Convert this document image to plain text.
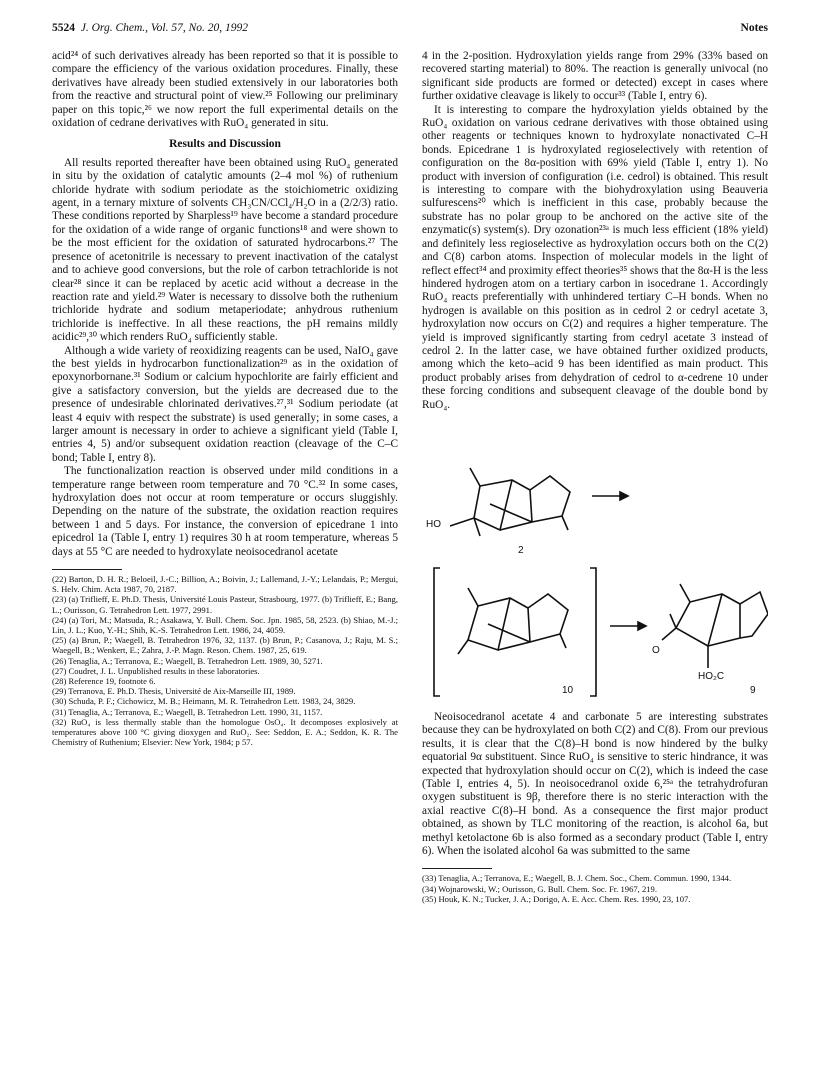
5524 J. Org. Chem., Vol. 57, No. 20, 1992	Notes

acid²⁴ of such derivatives already has been reported so that it is possible to compare the efficiency of the various oxidation procedures. Finally, these derivatives have already been studied extensively in our laboratories both from the reactive and structural point of view.²⁵ Following our preliminary paper on this topic,²⁶ we now report the full experimental details on the oxidation of cedrane derivatives with RuO₄ generated in situ.

Results and Discussion

All results reported thereafter have been obtained using RuO₄ generated in situ by the oxidation of catalytic amounts (2–4 mol %) of ruthenium chloride hydrate with sodium periodate as the stoichiometric oxidizing agent, in a ternary mixture of solvents CH₃CN/CCl₄/H₂O in a (2/2/3) ratio. These conditions reported by Sharpless¹⁹ have become a standard procedure for the oxidation of a wide range of organic functions¹⁸ and were shown to be the most efficient for the oxidation of saturated hydrocarbons.²⁷ The presence of acetonitrile is necessary to prevent inactivation of the catalyst and to achieve good conversions, but the role of carbon tetrachloride is not clear²⁸ since it can be replaced by acetic acid without a decrease in the reaction rate and yield.²⁹ Water is necessary to dissolve both the ruthenium trichloride hydrate and sodium metaperiodate; anhydrous ruthenium trichloride is ineffective. In all these reactions, the pH remains mildly acidic²⁹,³⁰ which renders RuO₄ sufficiently stable.

Although a wide variety of reoxidizing reagents can be used, NaIO₄ gave the best yields in hydrocarbon functionalization²⁹ as in the oxidation of epoxynorbornane.³¹ Sodium or calcium hypochlorite are fairly efficient and give a satisfactory conversion, but the yields are decreased due to the presence of undesirable chlorinated derivatives.²⁷,³¹ Sodium periodate (at least 4 equiv with respect the substrate) is used generally; in some cases, a larger amount is necessary in order to achieve a significant yield (Table I, entries 4, 5) and/or subsequent oxidation reaction (cleavage of the C–C bond; Table I, entry 8).

The functionalization reaction is observed under mild conditions in a temperature range between room temperature and 70 °C.³² In some cases, hydroxylation does not occur at room temperature or occurs sluggishly. Depending on the nature of the substrate, the oxidation reaction requires between 1 and 5 days. For instance, the conversion of epicedrane 1 into epicedrol 1a (Table I, entry 1) requires 30 h at room temperature, whereas 5 days at 55 °C are needed to hydroxylate neoisocedranol acetate

(22) Barton, D. H. R.; Beloeil, J.-C.; Billion, A.; Boivin, J.; Lallemand, J.-Y.; Lelandais, P.; Mergui, S. Helv. Chim. Acta 1987, 70, 2187.
(23) (a) Triflieff, E. Ph.D. Thesis, Université Louis Pasteur, Strasbourg, 1977. (b) Triflieff, E.; Bang, L.; Ourisson, G. Tetrahedron Lett. 1977, 2991.
(24) (a) Tori, M.; Matsuda, R.; Asakawa, Y. Bull. Chem. Soc. Jpn. 1985, 58, 2523. (b) Shiao, M.-J.; Lin, J. L.; Kuo, Y.-H.; Shih, K.-S. Tetrahedron Lett. 1986, 24, 4059.
(25) (a) Brun, P.; Waegell, B. Tetrahedron 1976, 32, 1137. (b) Brun, P.; Casanova, J.; Raju, M. S.; Waegell, B.; Wenkert, E.; Zahra, J.-P. Magn. Reson. Chem. 1987, 25, 619.
(26) Tenaglia, A.; Terranova, E.; Waegell, B. Tetrahedron Lett. 1989, 30, 5271.
(27) Coudret, J. L. Unpublished results in these laboratories.
(28) Reference 19, footnote 6.
(29) Terranova, E. Ph.D. Thesis, Université de Aix-Marseille III, 1989.
(30) Schuda, P. F.; Cichowicz, M. B.; Heimann, M. R. Tetrahedron Lett. 1983, 24, 3829.
(31) Tenaglia, A.; Terranova, E.; Waegell, B. Tetrahedron Lett. 1990, 31, 1157.
(32) RuO₄ is less thermally stable than the homologue OsO₄. It decomposes explosively at temperatures above 100 °C giving dioxygen and RuO₂. See: Seddon, E. A.; Seddon, K. R. The Chemistry of Ruthenium; Elsevier: New York, 1984; p 57.

4 in the 2-position. Hydroxylation yields range from 29% (33% based on recovered starting material) to 80%. The reaction is generally univocal (no significant side products are formed or detected) except in cases where further oxidative cleavage is likely to occur³³ (Table I, entry 6).

It is interesting to compare the hydroxylation yields obtained by the RuO₄ oxidation on various cedrane derivatives with those obtained using other reagents or techniques known to hydroxylate nonactivated C–H bonds. Epicedrane 1 is hydroxylated regioselectively with retention of configuration on the 8α-position with 69% yield (Table I, entry 1). No product with inversion of configuration (i.e. cedrol) is obtained. This result is interesting to compare with the biohydroxylation using Beauveria sulfurescens²⁰ which is inefficient in this case, probably because the substrate has no polar group to be anchored on the active site of the enzymatic(s) system(s). Dry ozonation²³ᵃ is much less efficient (18% yield) and definitely less regioselective as hydroxylation occurs both on the C(2) and C(8) carbon atoms. Inspection of molecular models in the light of reflect effect³⁴ and proximity effect theories³⁵ shows that the 8α-H is the less hindered hydrogen atom on a tertiary carbon in isocedrane 1. Accordingly RuO₄ reacts preferentially with unhindered tertiary C–H bonds. When no hydrogen is available on this position as in cedrol 2 or cedryl acetate 3, hydroxylation now occurs on C(2) and requires a higher temperature. The yield is improved significantly starting from cedryl acetate 3 instead of cedrol 2. In the latter case, we have obtained further oxidized products, among which the keto–acid 9 has been identified as main product. This product probably arises from dehydration of cedrol to α-cedrene 10 under these forcing conditions and subsequent cleavage of the double bond by RuO₄.

HO
2
10
O
HO₂C
9

Neoisocedranol acetate 4 and carbonate 5 are interesting substrates because they can be hydroxylated on both C(2) and C(8). From our previous results, it is clear that the C(8)–H bond is now hindered by the bulky equatorial 9α substituent. Since RuO₄ is sensitive to steric hindrance, it was expected that hydroxylation should occur on C(2), which is indeed the case (Table I, entries 4, 5). In neoisocedranol oxide 6,²⁵ᵃ the tetrahydrofuran oxygen substituent is 9β, therefore there is no steric interaction with the axial reactive C(8)–H bond. As a consequence the first major product obtained, as shown by TLC monitoring of the reaction, is alcohol 6a, but methyl ketolactone 6b is also formed as a secondary product (Table I, entry 6). When the isolated alcohol 6a was submitted to the same

(33) Tenaglia, A.; Terranova, E.; Waegell, B. J. Chem. Soc., Chem. Commun. 1990, 1344.
(34) Wojnarowski, W.; Ourisson, G. Bull. Chem. Soc. Fr. 1967, 219.
(35) Houk, K. N.; Tucker, J. A.; Dorigo, A. E. Acc. Chem. Res. 1990, 23, 107.
